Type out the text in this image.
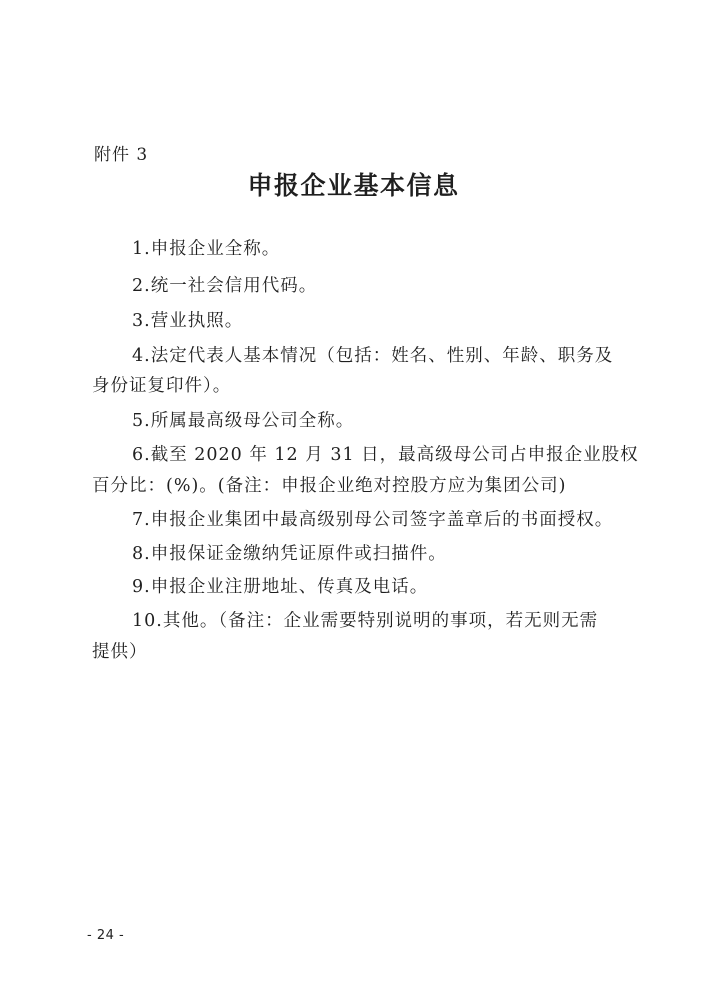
附件 3
申报企业基本信息
1.申报企业全称。
2.统一社会信用代码。
3.营业执照。
4.法定代表人基本情况（包括：姓名、性别、年龄、职务及
身份证复印件）。
5.所属最高级母公司全称。
6.截至 2020 年 12 月 31 日，最高级母公司占申报企业股权
百分比：(%)。(备注：申报企业绝对控股方应为集团公司)
7.申报企业集团中最高级别母公司签字盖章后的书面授权。
8.申报保证金缴纳凭证原件或扫描件。
9.申报企业注册地址、传真及电话。
10.其他。（备注：企业需要特别说明的事项，若无则无需
提供）
- 24 -
